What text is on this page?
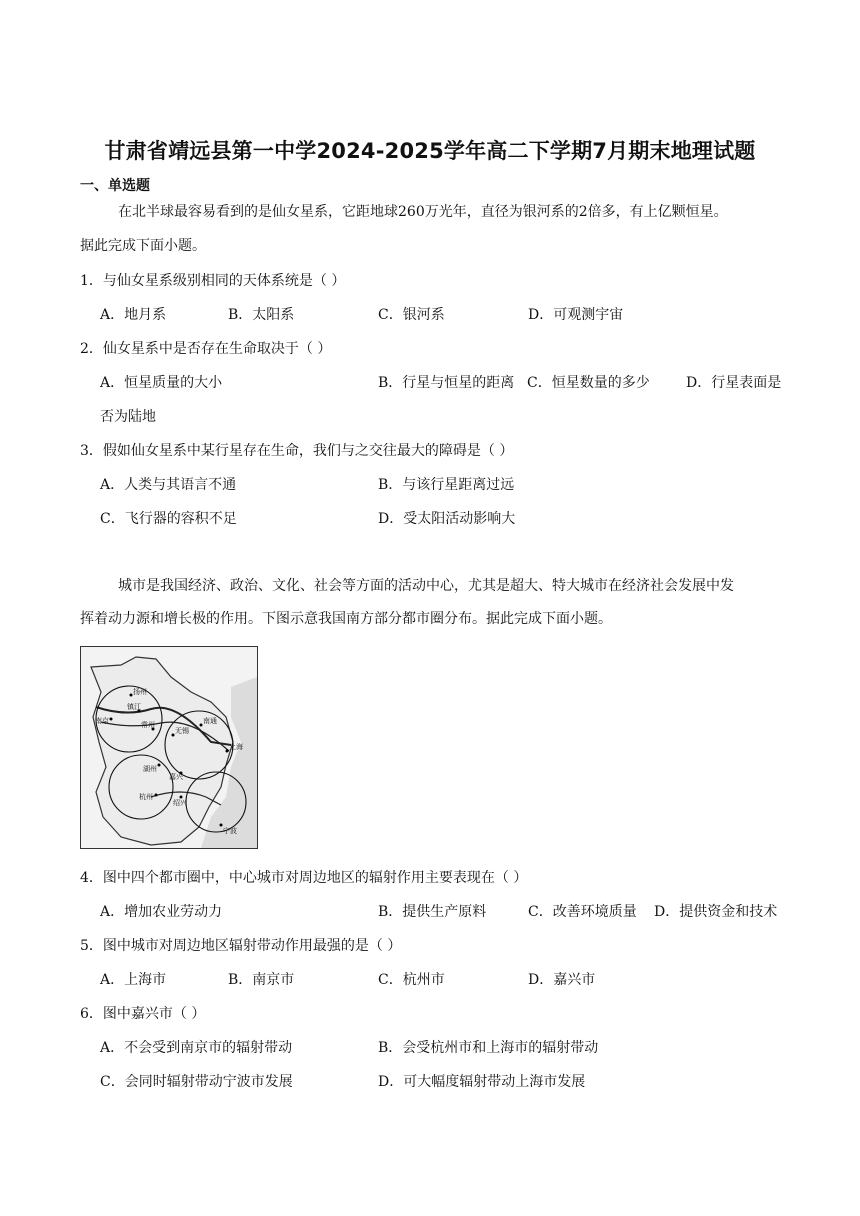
甘肃省靖远县第一中学2024-2025学年高二下学期7月期末地理试题
一、单选题
在北半球最容易看到的是仙女星系，它距地球260万光年，直径为银河系的2倍多，有上亿颗恒星。
据此完成下面小题。
1．与仙女星系级别相同的天体系统是（ ）
A．地月系	B．太阳系	C．银河系	D．可观测宇宙
2．仙女星系中是否存在生命取决于（ ）
A．恒星质量的大小	B．行星与恒星的距离 C．恒星数量的多少	D．行星表面是
否为陆地
3．假如仙女星系中某行星存在生命，我们与之交往最大的障碍是（ ）
A．人类与其语言不通	B．与该行星距离过远
C．飞行器的容积不足	D．受太阳活动影响大
城市是我国经济、政治、文化、社会等方面的活动中心，尤其是超大、特大城市在经济社会发展中发
挥着动力源和增长极的作用。下图示意我国南方部分都市圈分布。据此完成下面小题。
扬州
南京
镇江
常州
无锡
南通
上海
湖州
嘉兴
杭州
绍兴
宁波
4．图中四个都市圈中，中心城市对周边地区的辐射作用主要表现在（ ）
A．增加农业劳动力	B．提供生产原料	C．改善环境质量 D．提供资金和技术
5．图中城市对周边地区辐射带动作用最强的是（ ）
A．上海市	B．南京市	C．杭州市	D．嘉兴市
6．图中嘉兴市（ ）
A．不会受到南京市的辐射带动	B．会受杭州市和上海市的辐射带动
C．会同时辐射带动宁波市发展	D．可大幅度辐射带动上海市发展
